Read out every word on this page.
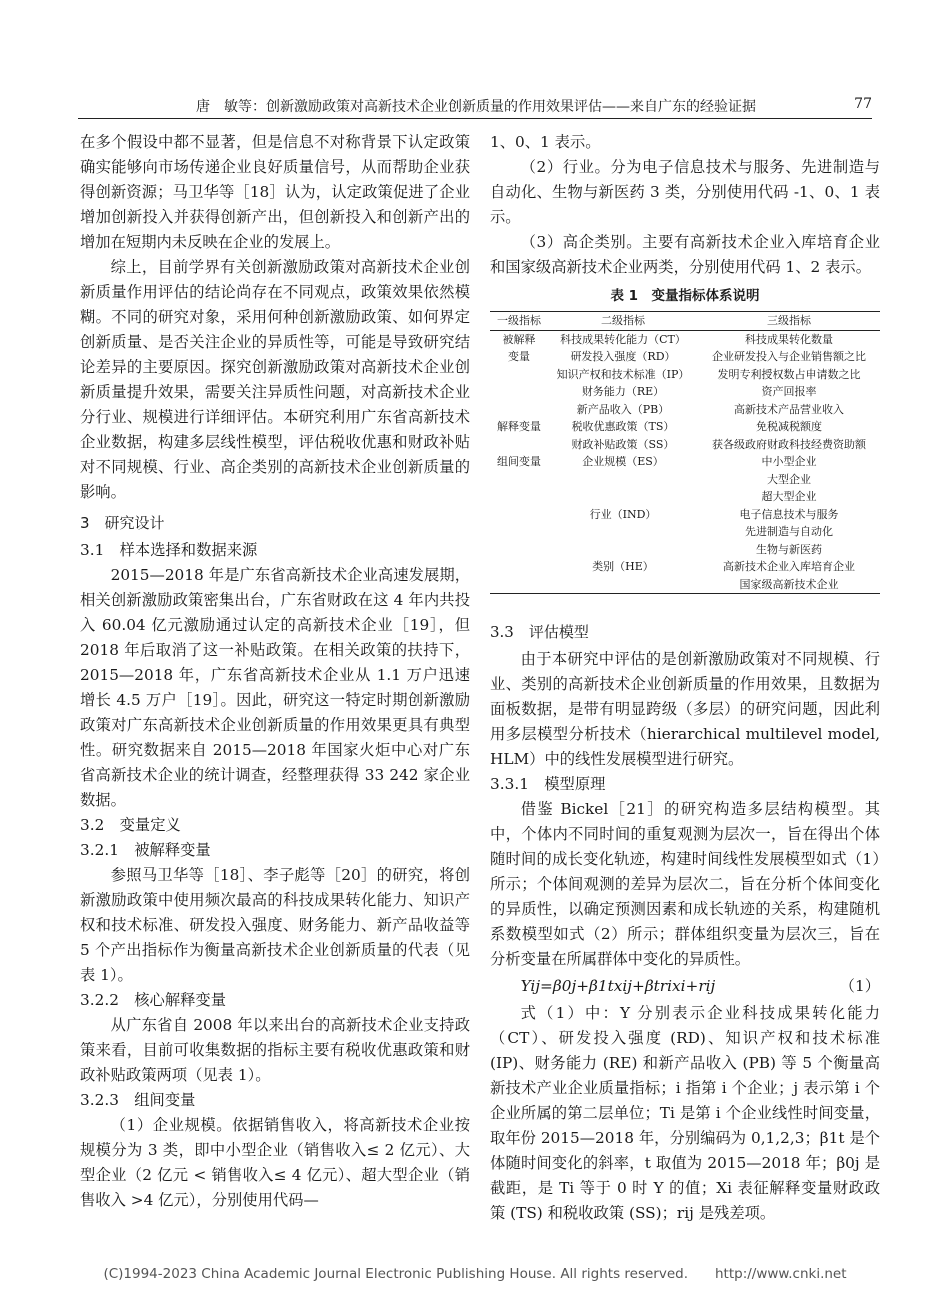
唐　敏等：创新激励政策对高新技术企业创新质量的作用效果评估——来自广东的经验证据	77

在多个假设中都不显著，但是信息不对称背景下认定政策确实能够向市场传递企业良好质量信号，从而帮助企业获得创新资源；马卫华等［18］认为，认定政策促进了企业增加创新投入并获得创新产出，但创新投入和创新产出的增加在短期内未反映在企业的发展上。

综上，目前学界有关创新激励政策对高新技术企业创新质量作用评估的结论尚存在不同观点，政策效果依然模糊。不同的研究对象，采用何种创新激励政策、如何界定创新质量、是否关注企业的异质性等，可能是导致研究结论差异的主要原因。探究创新激励政策对高新技术企业创新质量提升效果，需要关注异质性问题，对高新技术企业分行业、规模进行详细评估。本研究利用广东省高新技术企业数据，构建多层线性模型，评估税收优惠和财政补贴对不同规模、行业、高企类别的高新技术企业创新质量的影响。

3　研究设计

3.1　样本选择和数据来源

2015—2018 年是广东省高新技术企业高速发展期，相关创新激励政策密集出台，广东省财政在这 4 年内共投入 60.04 亿元激励通过认定的高新技术企业［19］，但 2018 年后取消了这一补贴政策。在相关政策的扶持下，2015—2018 年，广东省高新技术企业从 1.1 万户迅速增长 4.5 万户［19］。因此，研究这一特定时期创新激励政策对广东高新技术企业创新质量的作用效果更具有典型性。研究数据来自 2015—2018 年国家火炬中心对广东省高新技术企业的统计调查，经整理获得 33 242 家企业数据。

3.2　变量定义

3.2.1　被解释变量

参照马卫华等［18］、李子彪等［20］的研究，将创新激励政策中使用频次最高的科技成果转化能力、知识产权和技术标准、研发投入强度、财务能力、新产品收益等 5 个产出指标作为衡量高新技术企业创新质量的代表（见表 1）。

3.2.2　核心解释变量

从广东省自 2008 年以来出台的高新技术企业支持政策来看，目前可收集数据的指标主要有税收优惠政策和财政补贴政策两项（见表 1）。

3.2.3　组间变量

（1）企业规模。依据销售收入，将高新技术企业按规模分为 3 类，即中小型企业（销售收入≤ 2 亿元）、大型企业（2 亿元 < 销售收入≤ 4 亿元）、超大型企业（销售收入 >4 亿元），分别使用代码—

1、0、1 表示。

（2）行业。分为电子信息技术与服务、先进制造与自动化、生物与新医药 3 类，分别使用代码 -1、0、1 表示。

（3）高企类别。主要有高新技术企业入库培育企业和国家级高新技术企业两类，分别使用代码 1、2 表示。

表 1　变量指标体系说明
一级指标	二级指标	三级指标
被解释	科技成果转化能力（CT）	科技成果转化数量
变量	研发投入强度（RD）	企业研发投入与企业销售额之比
	知识产权和技术标准（IP）	发明专利授权数占申请数之比
	财务能力（RE）	资产回报率
	新产品收入（PB）	高新技术产品营业收入
解释变量	税收优惠政策（TS）	免税减税额度
	财政补贴政策（SS）	获各级政府财政科技经费资助额
组间变量	企业规模（ES）	中小型企业
		大型企业
		超大型企业
	行业（IND）	电子信息技术与服务
		先进制造与自动化
		生物与新医药
	类别（HE）	高新技术企业入库培育企业
		国家级高新技术企业
3.3　评估模型

由于本研究中评估的是创新激励政策对不同规模、行业、类别的高新技术企业创新质量的作用效果，且数据为面板数据，是带有明显跨级（多层）的研究问题，因此利用多层模型分析技术（hierarchical multilevel model, HLM）中的线性发展模型进行研究。

3.3.1　模型原理

借鉴 Bickel［21］的研究构造多层结构模型。其中，个体内不同时间的重复观测为层次一，旨在得出个体随时间的成长变化轨迹，构建时间线性发展模型如式（1）所示；个体间观测的差异为层次二，旨在分析个体间变化的异质性，以确定预测因素和成长轨迹的关系，构建随机系数模型如式（2）所示；群体组织变量为层次三，旨在分析变量在所属群体中变化的异质性。

Yij=β0j+β1txij+βtrixi+rij	（1）

式（1）中：Y 分别表示企业科技成果转化能力（CT）、研发投入强度 (RD)、知识产权和技术标准 (IP)、财务能力 (RE) 和新产品收入 (PB) 等 5 个衡量高新技术产业企业质量指标；i 指第 i 个企业；j 表示第 i 个企业所属的第二层单位；Ti 是第 i 个企业线性时间变量，取年份 2015—2018 年，分别编码为 0,1,2,3；β1t 是个体随时间变化的斜率，t 取值为 2015—2018 年；β0j 是截距，是 Ti 等于 0 时 Y 的值；Xi 表征解释变量财政政策 (TS) 和税收政策 (SS)；rij 是残差项。

(C)1994-2023 China Academic Journal Electronic Publishing House. All rights reserved.　　http://www.cnki.net
